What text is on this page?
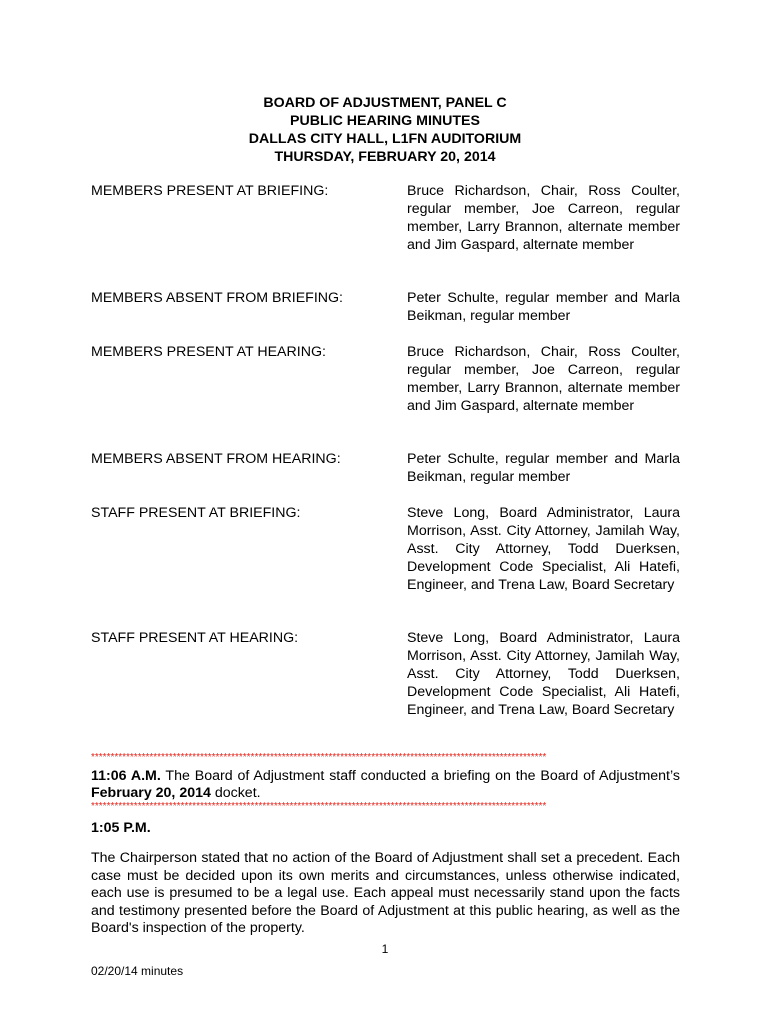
BOARD OF ADJUSTMENT, PANEL C
PUBLIC HEARING MINUTES
DALLAS CITY HALL, L1FN AUDITORIUM
THURSDAY, FEBRUARY 20, 2014
MEMBERS PRESENT AT BRIEFING:	Bruce Richardson, Chair, Ross Coulter, regular member, Joe Carreon, regular member, Larry Brannon, alternate member and Jim Gaspard, alternate member
MEMBERS ABSENT FROM BRIEFING:	Peter Schulte, regular member and Marla Beikman, regular member
MEMBERS PRESENT AT HEARING:	Bruce Richardson, Chair, Ross Coulter, regular member, Joe Carreon, regular member, Larry Brannon, alternate member and Jim Gaspard, alternate member
MEMBERS ABSENT FROM HEARING:	Peter Schulte, regular member and Marla Beikman, regular member
STAFF PRESENT AT BRIEFING:	Steve Long, Board Administrator, Laura Morrison, Asst. City Attorney, Jamilah Way, Asst. City Attorney, Todd Duerksen, Development Code Specialist, Ali Hatefi, Engineer, and Trena Law, Board Secretary
STAFF PRESENT AT HEARING:	Steve Long, Board Administrator, Laura Morrison, Asst. City Attorney, Jamilah Way, Asst. City Attorney, Todd Duerksen, Development Code Specialist, Ali Hatefi, Engineer, and Trena Law, Board Secretary
*********************************************************************************************************************
11:06 A.M. The Board of Adjustment staff conducted a briefing on the Board of Adjustment’s February 20, 2014 docket.
*********************************************************************************************************************
1:05 P.M.
The Chairperson stated that no action of the Board of Adjustment shall set a precedent. Each case must be decided upon its own merits and circumstances, unless otherwise indicated, each use is presumed to be a legal use. Each appeal must necessarily stand upon the facts and testimony presented before the Board of Adjustment at this public hearing, as well as the Board's inspection of the property.
1
02/20/14 minutes
